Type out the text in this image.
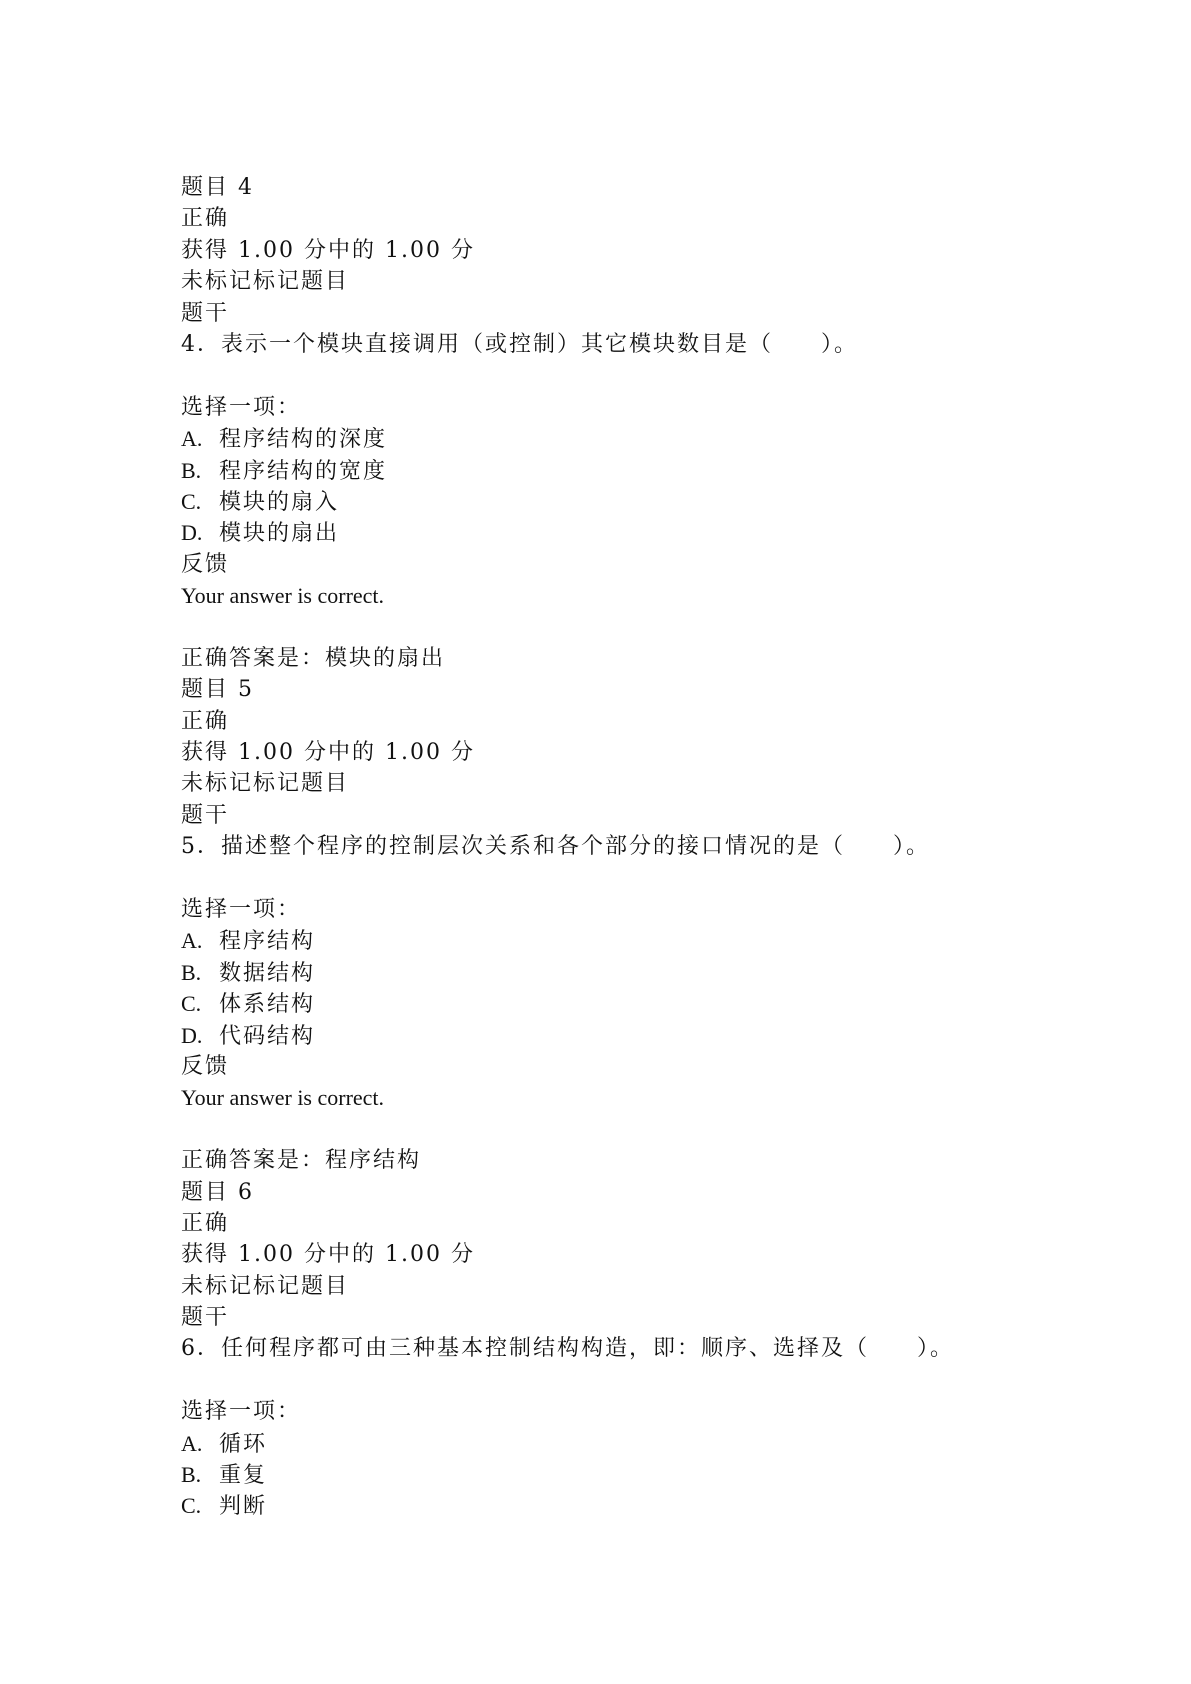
题目 4
正确
获得 1.00 分中的 1.00 分
未标记标记题目
题干
4．表示一个模块直接调用（或控制）其它模块数目是（　　）。
选择一项：
A. 程序结构的深度
B. 程序结构的宽度
C. 模块的扇入
D. 模块的扇出
反馈
Your answer is correct.
正确答案是：模块的扇出
题目 5
正确
获得 1.00 分中的 1.00 分
未标记标记题目
题干
5．描述整个程序的控制层次关系和各个部分的接口情况的是（　　）。
选择一项：
A. 程序结构
B. 数据结构
C. 体系结构
D. 代码结构
反馈
Your answer is correct.
正确答案是：程序结构
题目 6
正确
获得 1.00 分中的 1.00 分
未标记标记题目
题干
6．任何程序都可由三种基本控制结构构造，即：顺序、选择及（　　）。
选择一项：
A. 循环
B. 重复
C. 判断
